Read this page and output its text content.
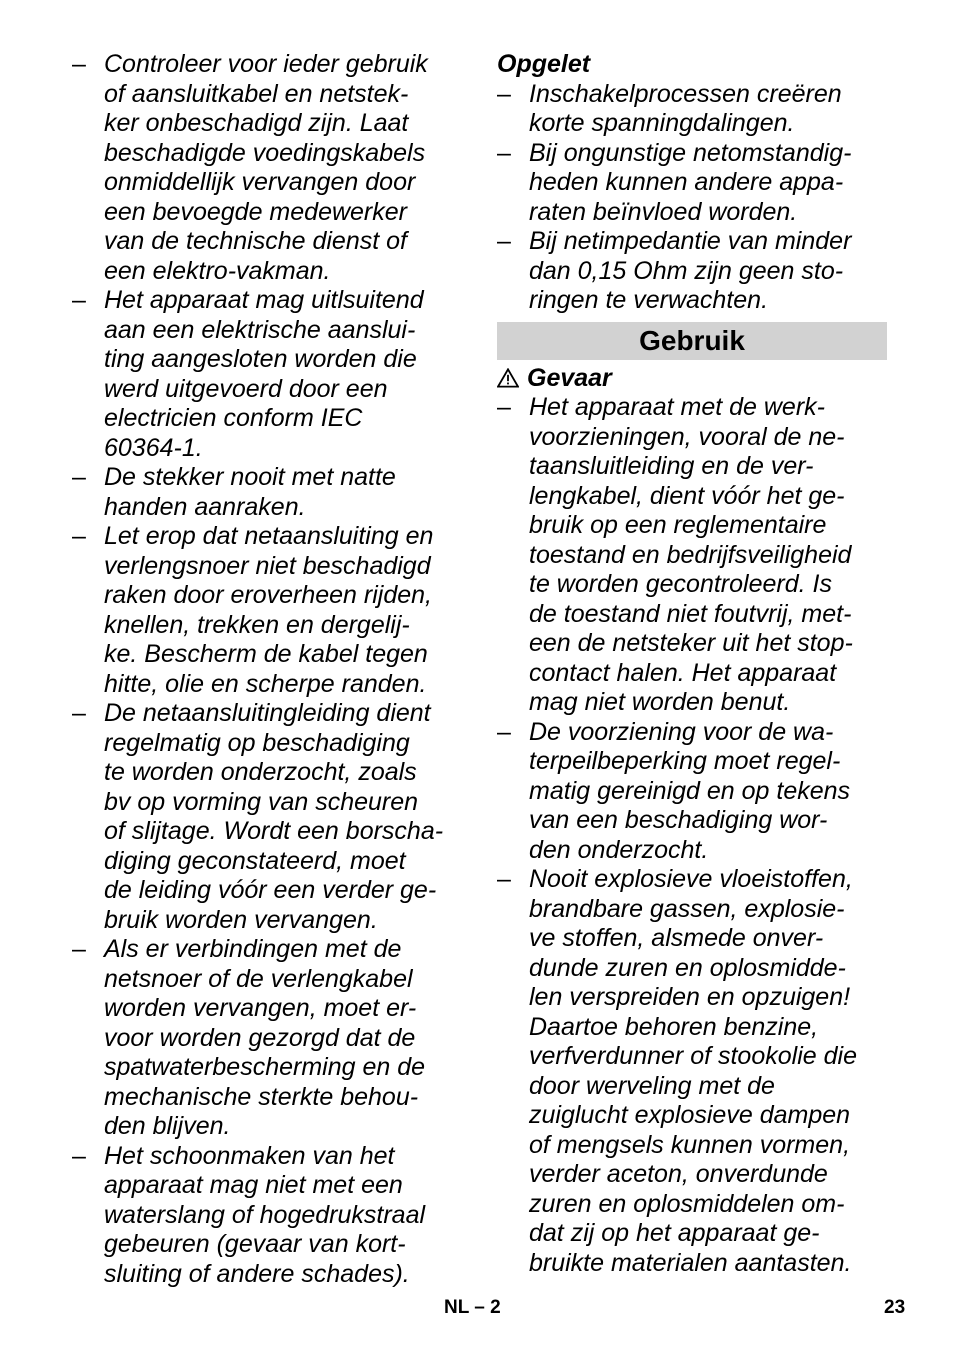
– Controleer voor ieder gebruik
of aansluitkabel en netstek-
ker onbeschadigd zijn. Laat
beschadigde voedingskabels
onmiddellijk vervangen door
een bevoegde medewerker
van de technische dienst of
een elektro-vakman.
– Het apparaat mag uitlsuitend
aan een elektrische aanslui-
ting aangesloten worden die
werd uitgevoerd door een
electricien conform IEC
60364-1.
– De stekker nooit met natte
handen aanraken.
– Let erop dat netaansluiting en
verlengsnoer niet beschadigd
raken door eroverheen rijden,
knellen, trekken en dergelij-
ke. Bescherm de kabel tegen
hitte, olie en scherpe randen.
– De netaansluitingleiding dient
regelmatig op beschadiging
te worden onderzocht, zoals
bv op vorming van scheuren
of slijtage. Wordt een borscha-
diging geconstateerd, moet
de leiding vóór een verder ge-
bruik worden vervangen.
– Als er verbindingen met de
netsnoer of de verlengkabel
worden vervangen, moet er-
voor worden gezorgd dat de
spatwaterbescherming en de
mechanische sterkte behou-
den blijven.
– Het schoonmaken van het
apparaat mag niet met een
waterslang of hogedrukstraal
gebeuren (gevaar van kort-
sluiting of andere schades).
Opgelet
– Inschakelprocessen creëren
korte spanningdalingen.
– Bij ongunstige netomstandig-
heden kunnen andere appa-
raten beïnvloed worden.
– Bij netimpedantie van minder
dan 0,15 Ohm zijn geen sto-
ringen te verwachten.
Gebruik
Gevaar
– Het apparaat met de werk-
voorzieningen, vooral de ne-
taansluitleiding en de ver-
lengkabel, dient vóór het ge-
bruik op een reglementaire
toestand en bedrijfsveiligheid
te worden gecontroleerd. Is
de toestand niet foutvrij, met-
een de netsteker uit het stop-
contact halen. Het apparaat
mag niet worden benut.
– De voorziening voor de wa-
terpeilbeperking moet regel-
matig gereinigd en op tekens
van een beschadiging wor-
den onderzocht.
– Nooit explosieve vloeistoffen,
brandbare gassen, explosie-
ve stoffen, alsmede onver-
dunde zuren en oplosmidde-
len verspreiden en opzuigen!
Daartoe behoren benzine,
verfverdunner of stookolie die
door werveling met de
zuiglucht explosieve dampen
of mengsels kunnen vormen,
verder aceton, onverdunde
zuren en oplosmiddelen om-
dat zij op het apparaat ge-
bruikte materialen aantasten.
NL – 2	23
